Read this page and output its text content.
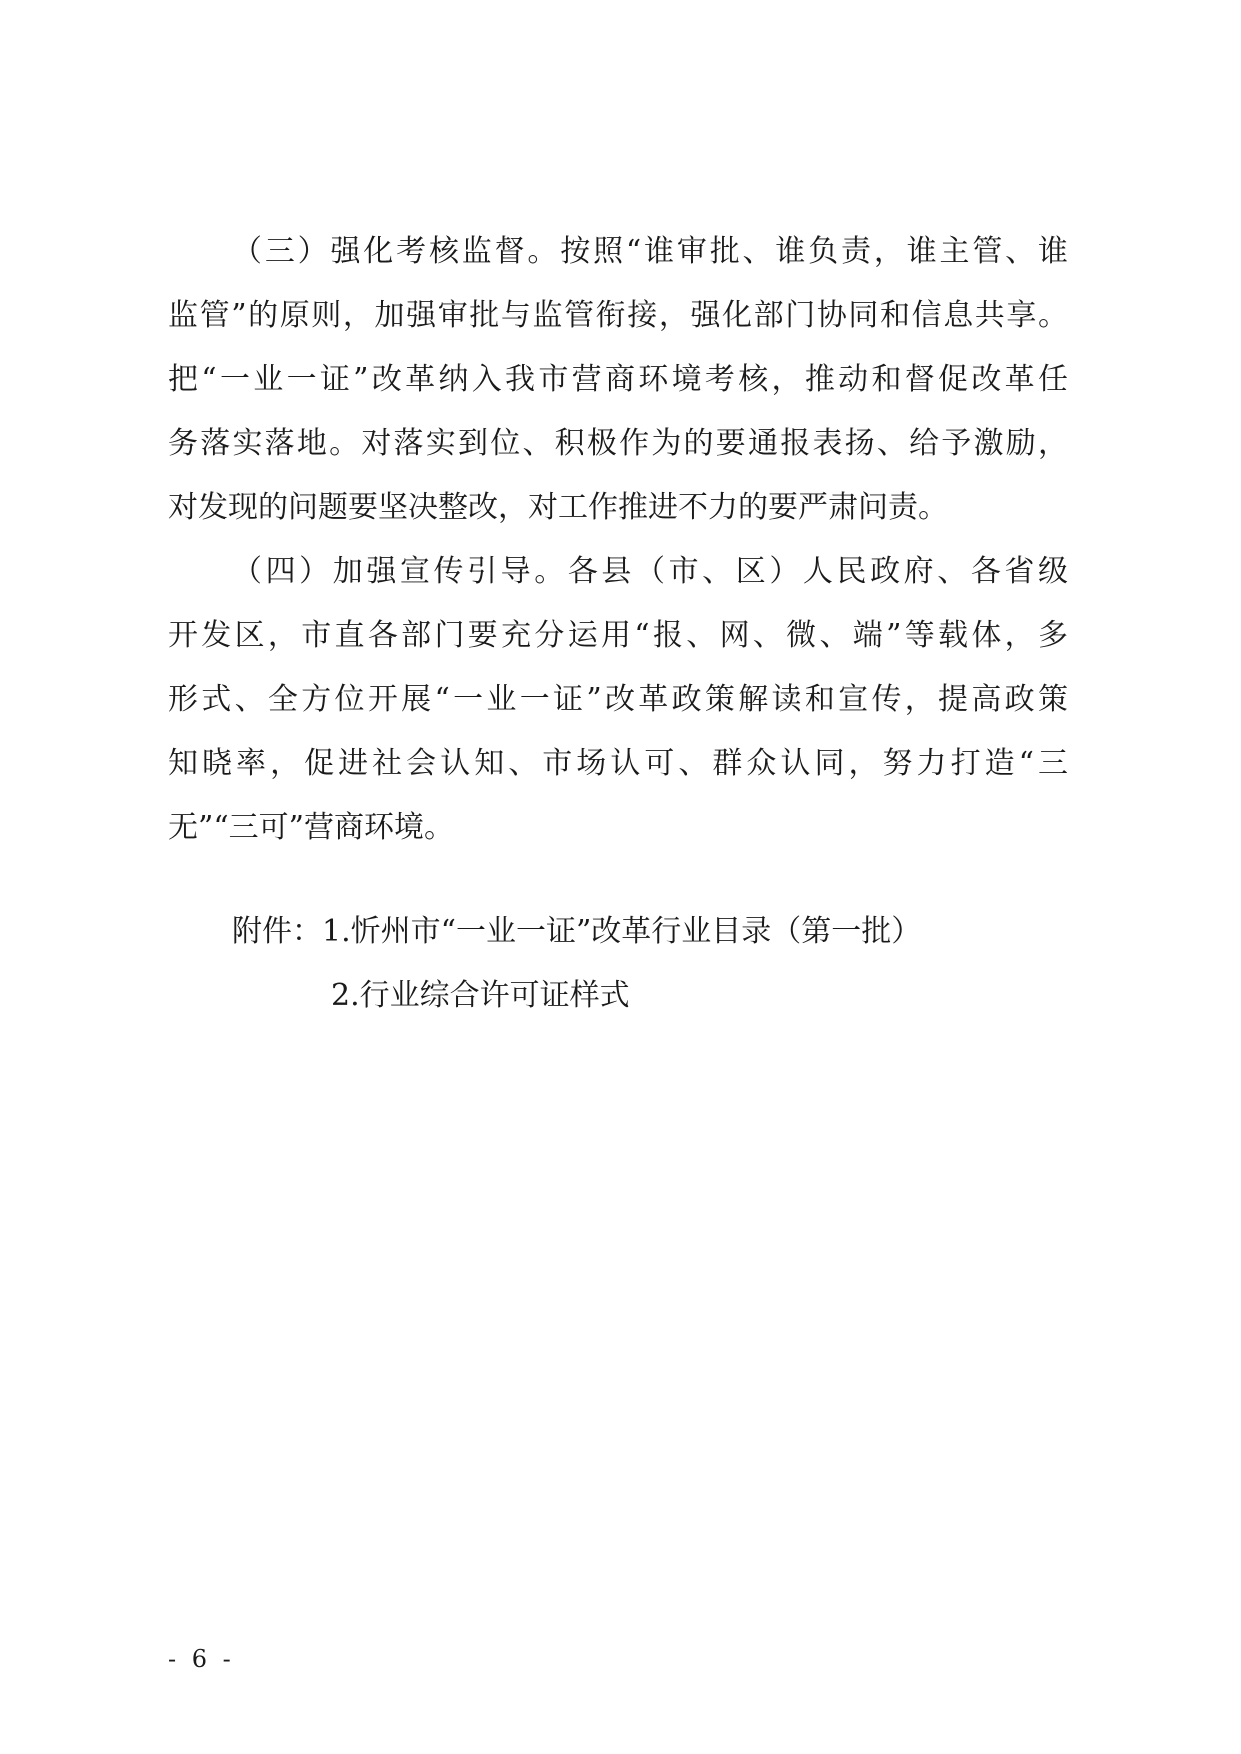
（三）强化考核监督。按照“谁审批、谁负责，谁主管、谁
监管”的原则，加强审批与监管衔接，强化部门协同和信息共享。
把“一业一证”改革纳入我市营商环境考核，推动和督促改革任
务落实落地。对落实到位、积极作为的要通报表扬、给予激励，
对发现的问题要坚决整改，对工作推进不力的要严肃问责。
（四）加强宣传引导。各县（市、区）人民政府、各省级
开发区，市直各部门要充分运用“报、网、微、端”等载体，多
形式、全方位开展“一业一证”改革政策解读和宣传，提高政策
知晓率，促进社会认知、市场认可、群众认同，努力打造“三
无”“三可”营商环境。
附件：1.忻州市“一业一证”改革行业目录（第一批）
2.行业综合许可证样式
- 6 -
